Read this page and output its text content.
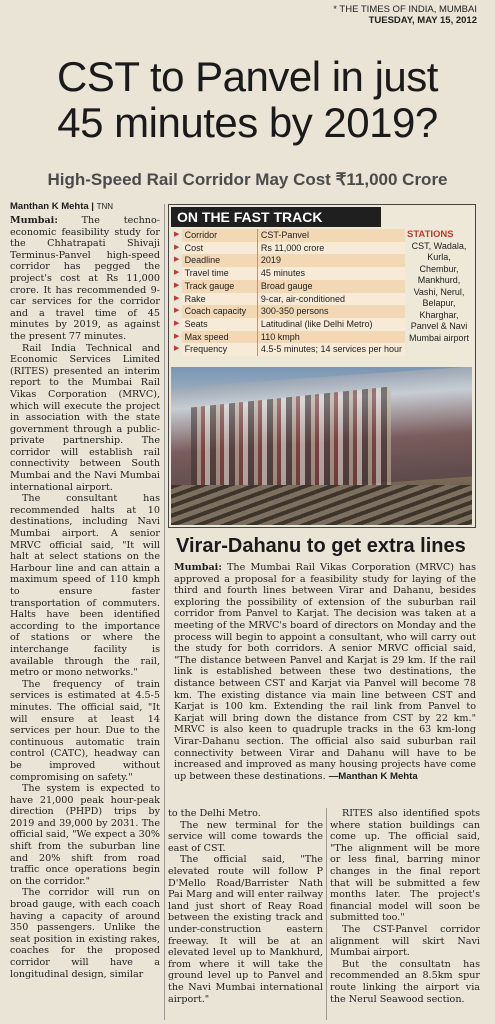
* THE TIMES OF INDIA, MUMBAI
TUESDAY, MAY 15, 2012
CST to Panvel in just
45 minutes by 2019?
High-Speed Rail Corridor May Cost ₹11,000 Crore
Manthan K Mehta | TNN

Mumbai: The techno-economic feasibility study for the Chhatrapati Shivaji Terminus-Panvel high-speed corridor has pegged the project's cost at Rs 11,000 crore. It has recommended 9-car services for the corridor and a travel time of 45 minutes by 2019, as against the present 77 minutes.

Rail India Technical and Economic Services Limited (RITES) presented an interim report to the Mumbai Rail Vikas Corporation (MRVC), which will execute the project in association with the state government through a public-private partnership. The corridor will establish rail connectivity between South Mumbai and the Navi Mumbai international airport.

The consultant has recommended halts at 10 destinations, including Navi Mumbai airport. A senior MRVC official said, "It will halt at select stations on the Harbour line and can attain a maximum speed of 110 kmph to ensure faster transportation of commuters. Halts have been identified according to the importance of stations or where the interchange facility is available through the rail, metro or mono networks."

The frequency of train services is estimated at 4.5-5 minutes. The official said, "It will ensure at least 14 services per hour. Due to the continuous automatic train control (CATC), headway can be improved without compromising on safety."

The system is expected to have 21,000 peak hour-peak direction (PHPD) trips by 2019 and 39,000 by 2031. The official said, "We expect a 30% shift from the suburban line and 20% shift from road traffic once operations begin on the corridor."

The corridor will run on broad gauge, with each coach having a capacity of around 350 passengers. Unlike the seat position in existing rakes, coaches for the proposed corridor will have a longitudinal design, similar

ON THE FAST TRACK
▶	Corridor	CST-Panvel
▶	Cost	Rs 11,000 crore
▶	Deadline	2019
▶	Travel time	45 minutes
▶	Track gauge	Broad gauge
▶	Rake	9-car, air-conditioned
▶	Coach capacity	300-350 persons
▶	Seats	Latitudinal (like Delhi Metro)
▶	Max speed	110 kmph
▶	Frequency	4.5-5 minutes; 14 services per hour
STATIONS
CST, Wadala, Kurla, Chembur, Mankhurd, Vashi, Nerul, Belapur, Kharghar, Panvel & Navi Mumbai airport
Virar-Dahanu to get extra lines
Mumbai: The Mumbai Rail Vikas Corporation (MRVC) has approved a proposal for a feasibility study for laying of the third and fourth lines between Virar and Dahanu, besides exploring the possibility of extension of the suburban rail corridor from Panvel to Karjat. The decision was taken at a meeting of the MRVC's board of directors on Monday and the process will begin to appoint a consultant, who will carry out the study for both corridors. A senior MRVC official said, "The distance between Panvel and Karjat is 29 km. If the rail link is established between these two destinations, the distance between CST and Karjat via Panvel will become 78 km. The existing distance via main line between CST and Karjat is 100 km. Extending the rail link from Panvel to Karjat will bring down the distance from CST by 22 km." MRVC is also keen to quadruple tracks in the 63 km-long Virar-Dahanu section. The official also said suburban rail connectivity between Virar and Dahanu will have to be increased and improved as many housing projects have come up between these destinations. —Manthan K Mehta

to the Delhi Metro.

The new terminal for the service will come towards the east of CST.

The official said, "The elevated route will follow P D'Mello Road/Barrister Nath Pai Marg and will enter railway land just short of Reay Road between the existing track and under-construction eastern freeway. It will be at an elevated level up to Mankhurd, from where it will take the ground level up to Panvel and the Navi Mumbai international airport."

RITES also identified spots where station buildings can come up. The official said, "The alignment will be more or less final, barring minor changes in the final report that will be submitted a few months later. The project's financial model will soon be submitted too."

The CST-Panvel corridor alignment will skirt Navi Mumbai airport.

But the consultatn has recommended an 8.5km spur route linking the airport via the Nerul Seawood section.
